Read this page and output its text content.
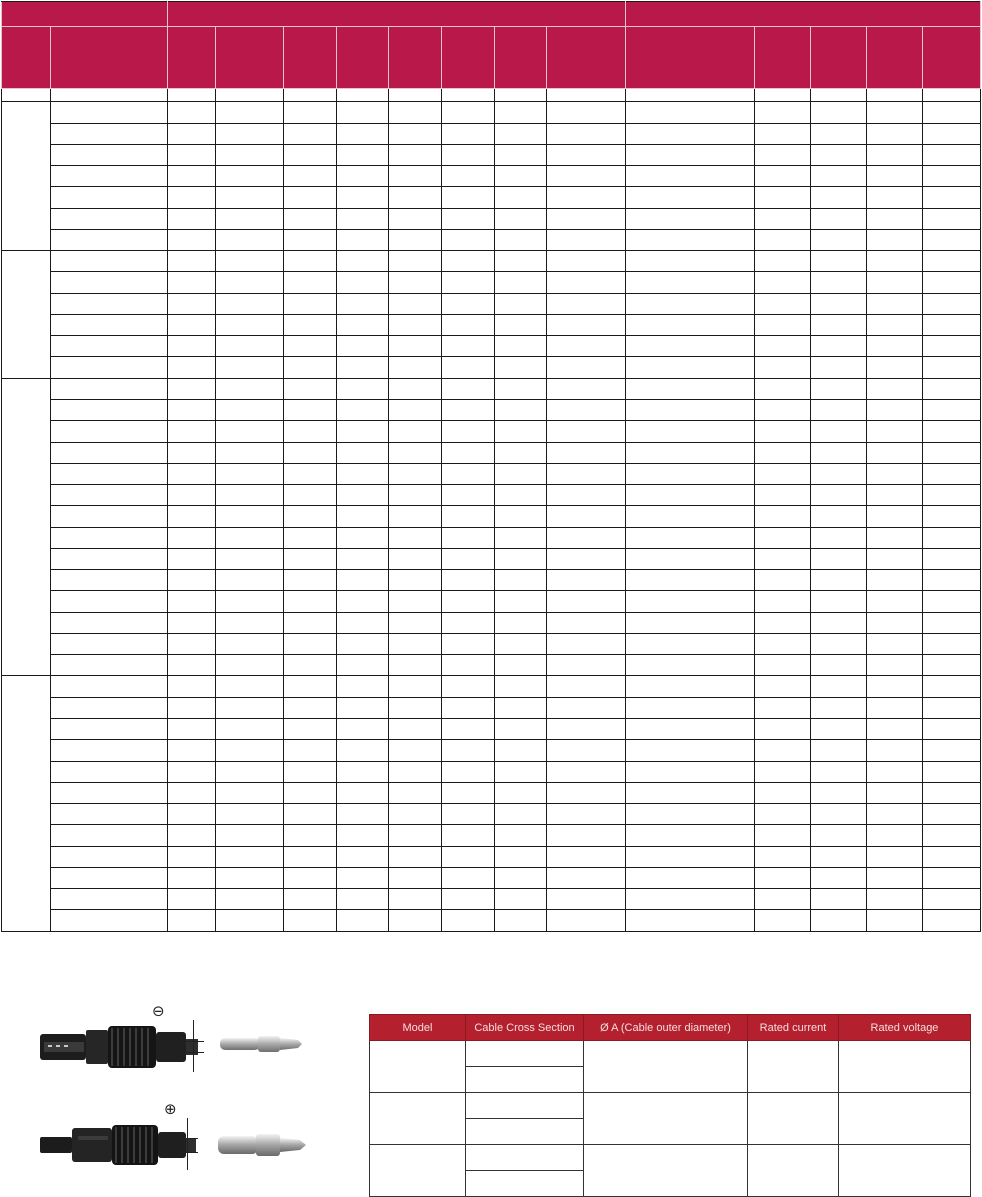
⊖
⊕
Model	Cable Cross Section	Ø A (Cable outer diameter)	Rated current	Rated voltage
